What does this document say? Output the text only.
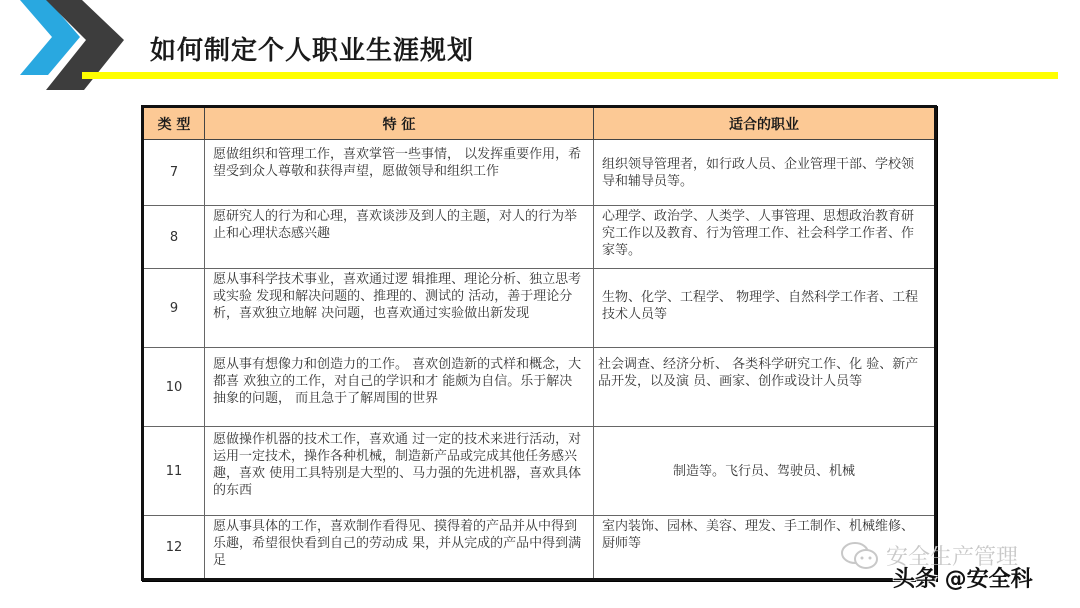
如何制定个人职业生涯规划
类 型	特 征	适合的职业
7	愿做组织和管理工作，喜欢掌管一些事情， 以发挥重要作用，希望受到众人尊敬和获得声望，愿做领导和组织工作	组织领导管理者，如行政人员、企业管理干部、学校领导和辅导员等。
8	愿研究人的行为和心理，喜欢谈涉及到人的主题，对人的行为举止和心理状态感兴趣	心理学、政治学、人类学、人事管理、思想政治教育研究工作以及教育、行为管理工作、社会科学工作者、作家等。
9	愿从事科学技术事业，喜欢通过逻 辑推理、理论分析、独立思考或实验 发现和解决问题的、推理的、测试的 活动，善于理论分析，喜欢独立地解 决问题，也喜欢通过实验做出新发现	生物、化学、工程学、 物理学、自然科学工作者、工程技术人员等
10	愿从事有想像力和创造力的工作。 喜欢创造新的式样和概念，大都喜 欢独立的工作，对自己的学识和才 能颇为自信。乐于解决抽象的问题， 而且急于了解周围的世界	社会调查、经济分析、 各类科学研究工作、化 验、新产品开发，以及演 员、画家、创作或设计人员等
11	愿做操作机器的技术工作，喜欢通 过一定的技术来进行活动，对运用一定技术，操作各种机械，制造新产品或完成其他任务感兴趣，喜欢 使用工具特别是大型的、马力强的先进机器，喜欢具体的东西	制造等。飞行员、驾驶员、机械
12	愿从事具体的工作，喜欢制作看得见、摸得着的产品并从中得到乐趣，希望很快看到自己的劳动成 果，并从完成的产品中得到满足	室内装饰、园林、美容、理发、手工制作、机械维修、厨师等
安全生产管理
头条 @安全科
